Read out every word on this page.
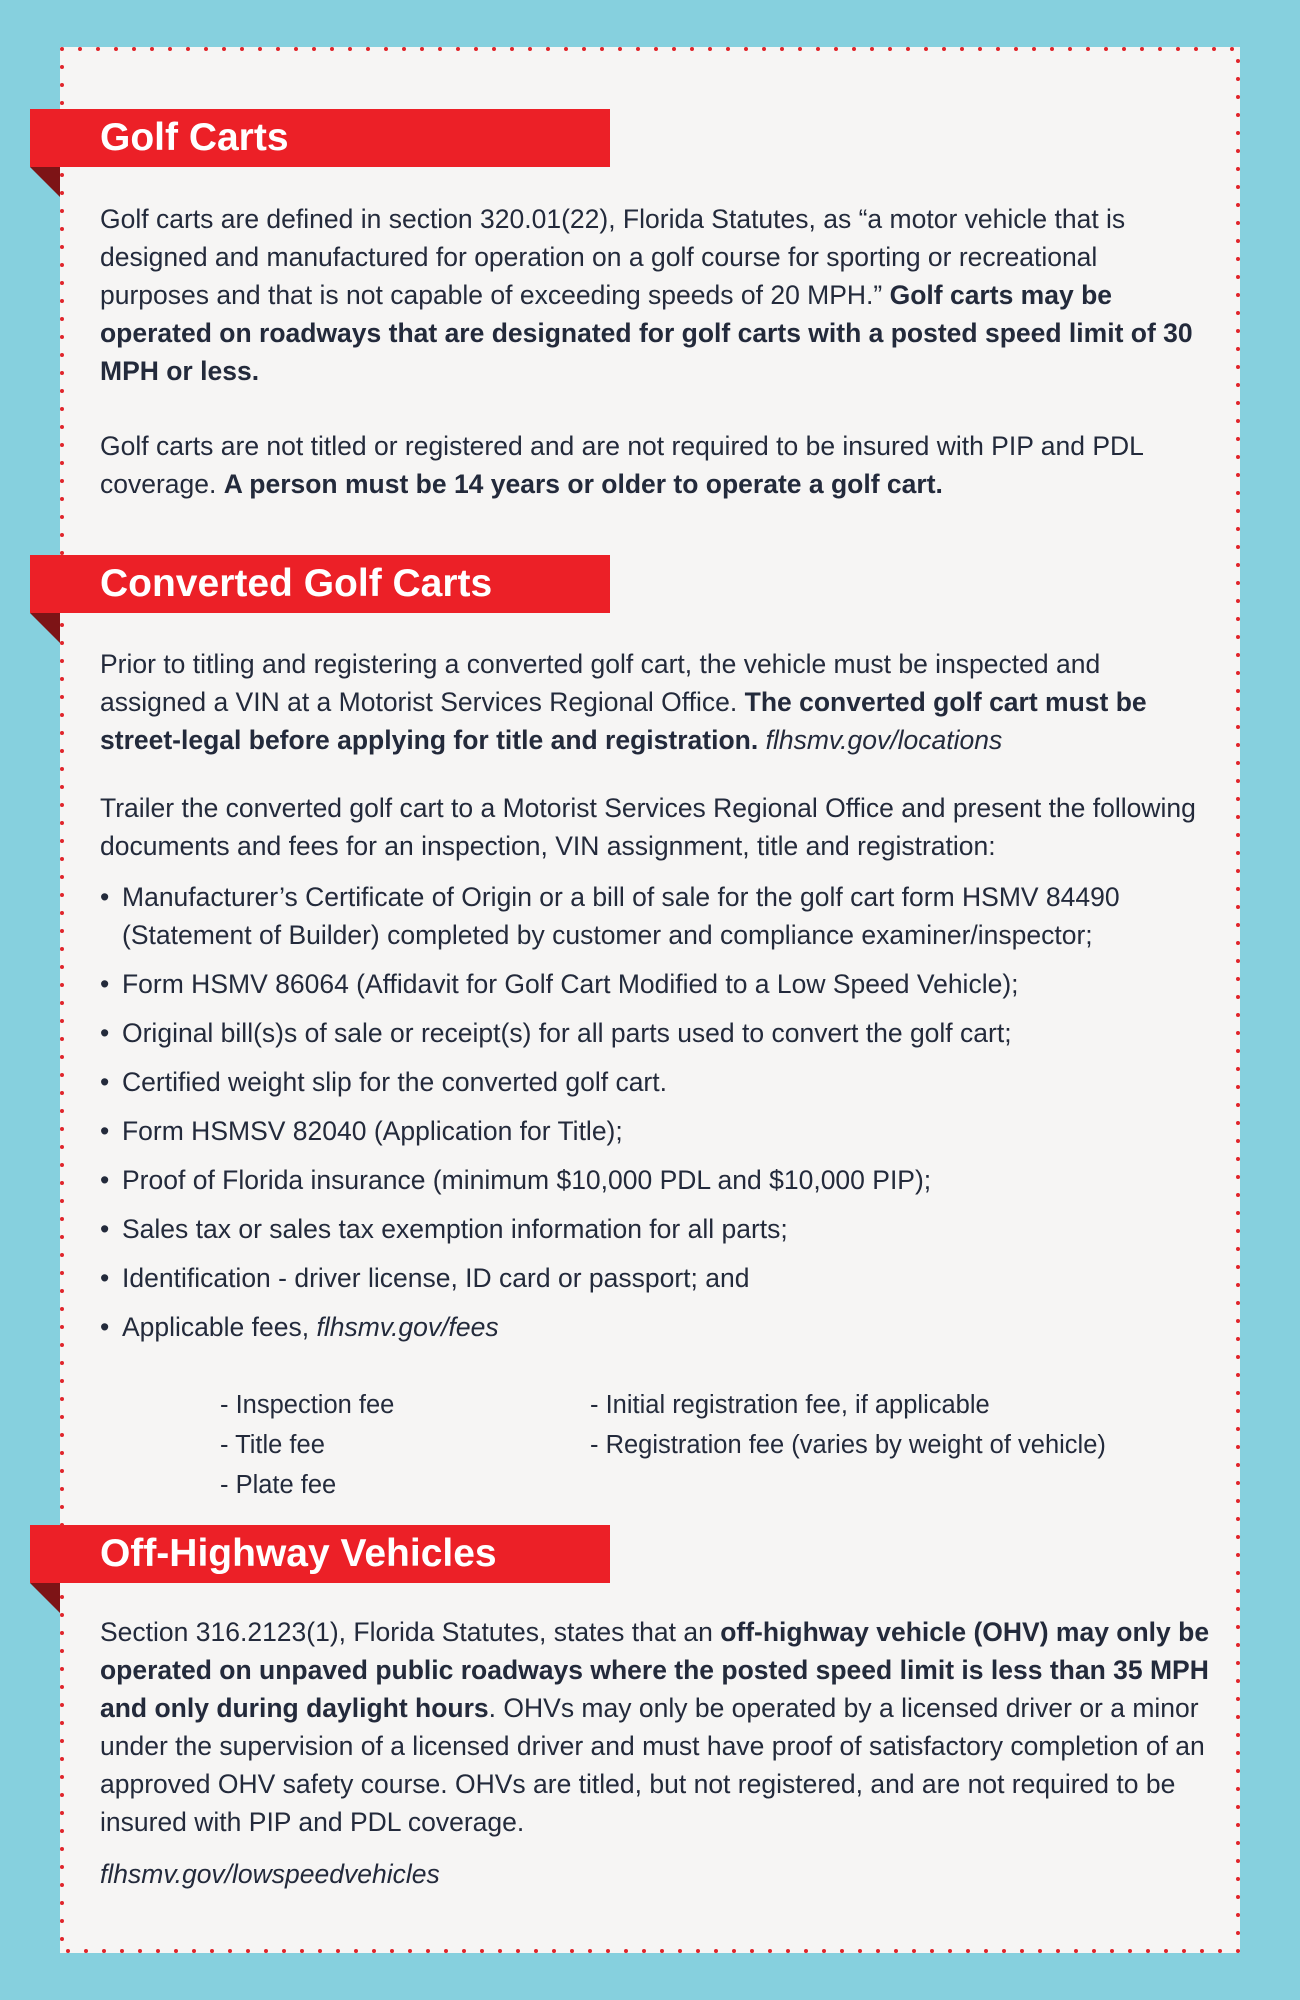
Golf Carts

Golf carts are defined in section 320.01(22), Florida Statutes, as “a motor vehicle that is designed and manufactured for operation on a golf course for sporting or recreational purposes and that is not capable of exceeding speeds of 20 MPH.” Golf carts may be operated on roadways that are designated for golf carts with a posted speed limit of 30 MPH or less.

Golf carts are not titled or registered and are not required to be insured with PIP and PDL coverage. A person must be 14 years or older to operate a golf cart.

Converted Golf Carts

Prior to titling and registering a converted golf cart, the vehicle must be inspected and assigned a VIN at a Motorist Services Regional Office. The converted golf cart must be street-legal before applying for title and registration. flhsmv.gov/locations

Trailer the converted golf cart to a Motorist Services Regional Office and present the following documents and fees for an inspection, VIN assignment, title and registration:

• Manufacturer’s Certificate of Origin or a bill of sale for the golf cart form HSMV 84490 (Statement of Builder) completed by customer and compliance examiner/inspector;
• Form HSMV 86064 (Affidavit for Golf Cart Modified to a Low Speed Vehicle);
• Original bill(s)s of sale or receipt(s) for all parts used to convert the golf cart;
• Certified weight slip for the converted golf cart.
• Form HSMSV 82040 (Application for Title);
• Proof of Florida insurance (minimum $10,000 PDL and $10,000 PIP);
• Sales tax or sales tax exemption information for all parts;
• Identification - driver license, ID card or passport; and
• Applicable fees, flhsmv.gov/fees
- Inspection fee
- Title fee
- Plate fee
- Initial registration fee, if applicable
- Registration fee (varies by weight of vehicle)
Off-Highway Vehicles

Section 316.2123(1), Florida Statutes, states that an off-highway vehicle (OHV) may only be operated on unpaved public roadways where the posted speed limit is less than 35 MPH and only during daylight hours. OHVs may only be operated by a licensed driver or a minor under the supervision of a licensed driver and must have proof of satisfactory completion of an approved OHV safety course. OHVs are titled, but not registered, and are not required to be insured with PIP and PDL coverage.

flhsmv.gov/lowspeedvehicles
